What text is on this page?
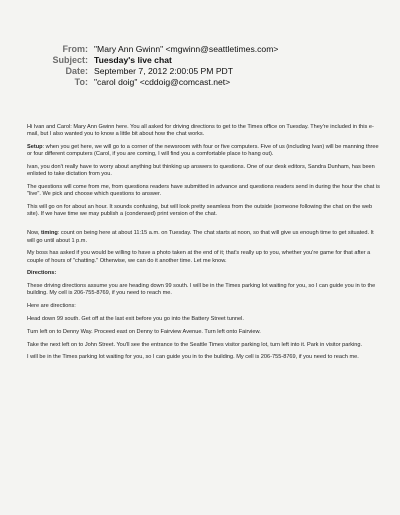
From: "Mary Ann Gwinn" <mgwinn@seattletimes.com>
Subject: Tuesday's live chat
Date: September 7, 2012 2:00:05 PM PDT
To: "carol doig" <cddoig@comcast.net>

Hi Ivan and Carol: Mary Ann Gwinn here. You all asked for driving directions to get to the Times office on Tuesday. They're included in this e-mail, but I also wanted you to know a little bit about how the chat works.

Setup: when you get here, we will go to a corner of the newsroom with four or five computers. Five of us (including Ivan) will be manning three or four different computers (Carol, if you are coming, I will find you a comfortable place to hang out).

Ivan, you don't really have to worry about anything but thinking up answers to questions. One of our desk editors, Sandra Dunham, has been enlisted to take dictation from you.

The questions will come from me, from questions readers have submitted in advance and questions readers send in during the hour the chat is "live". We pick and choose which questions to answer.

This will go on for about an hour. It sounds confusing, but will look pretty seamless from the outside (someone following the chat on the web site). If we have time we may publish a (condensed) print version of the chat.

Now, timing: count on being here at about 11:15 a.m. on Tuesday. The chat starts at noon, so that will give us enough time to get situated. It will go until about 1 p.m.

My boss has asked if you would be willing to have a photo taken at the end of it; that's really up to you, whether you're game for that after a couple of hours of "chatting." Otherwise, we can do it another time. Let me know.

Directions:

These driving directions assume you are heading down 99 south. I will be in the Times parking lot waiting for you, so I can guide you in to the building. My cell is 206-755-8769, if you need to reach me.

Here are directions:

Head down 99 south. Get off at the last exit before you go into the Battery Street tunnel.

Turn left on to Denny Way. Proceed east on Denny to Fairview Avenue. Turn left onto Fairview.

Take the next left on to John Street. You'll see the entrance to the Seattle Times visitor parking lot, turn left into it. Park in visitor parking.

I will be in the Times parking lot waiting for you, so I can guide you in to the building. My cell is 206-755-8769, if you need to reach me.
